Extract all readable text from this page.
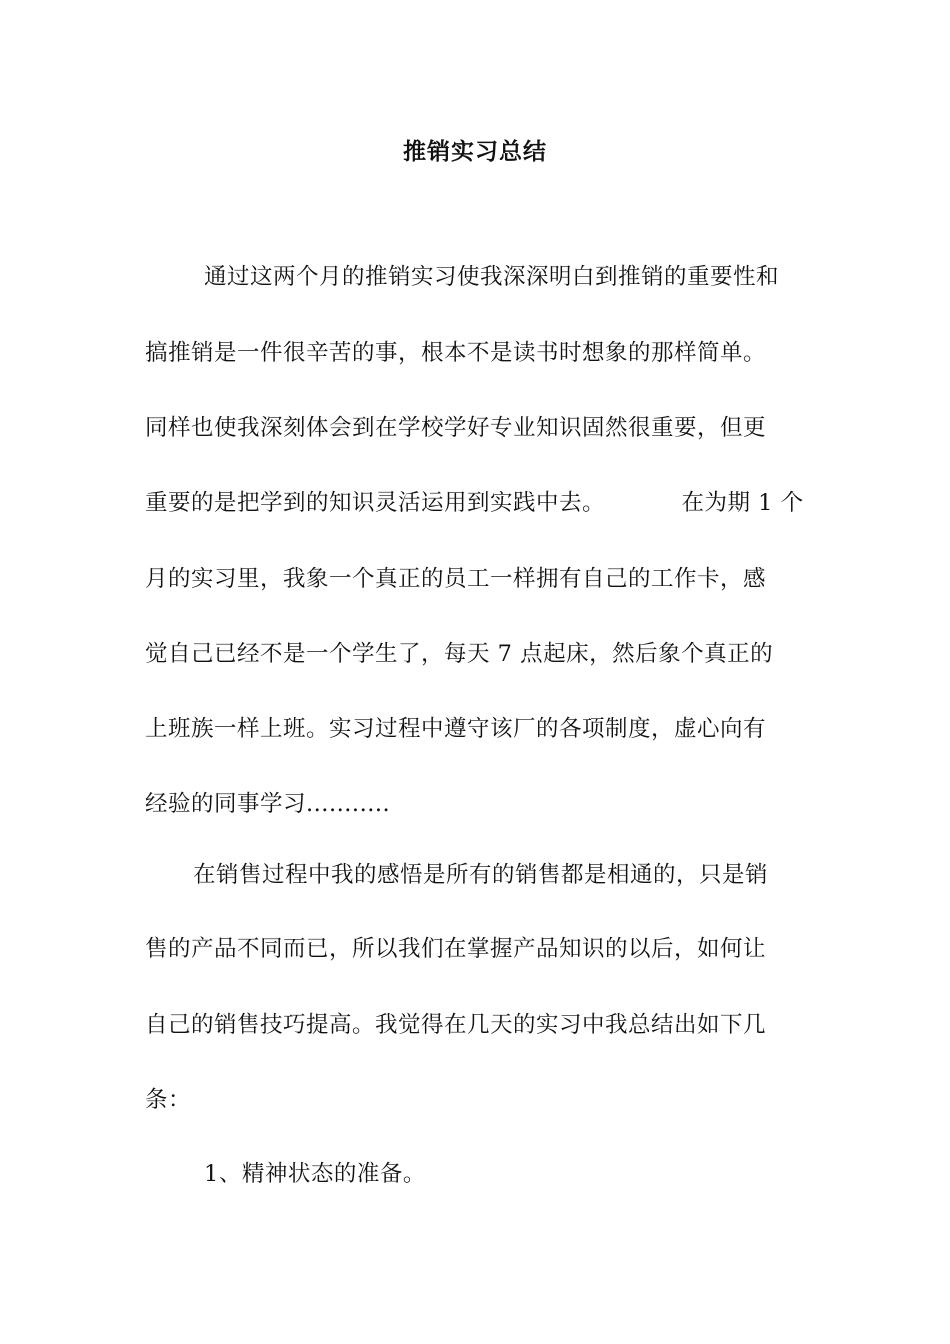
推销实习总结
通过这两个月的推销实习使我深深明白到推销的重要性和
搞推销是一件很辛苦的事，根本不是读书时想象的那样简单。
同样也使我深刻体会到在学校学好专业知识固然很重要，但更
重要的是把学到的知识灵活运用到实践中去。          在为期 1 个
月的实习里，我象一个真正的员工一样拥有自己的工作卡，感
觉自己已经不是一个学生了，每天 7 点起床，然后象个真正的
上班族一样上班。实习过程中遵守该厂的各项制度，虚心向有
经验的同事学习...........
在销售过程中我的感悟是所有的销售都是相通的，只是销
售的产品不同而已，所以我们在掌握产品知识的以后，如何让
自己的销售技巧提高。我觉得在几天的实习中我总结出如下几
条：
1、精神状态的准备。
